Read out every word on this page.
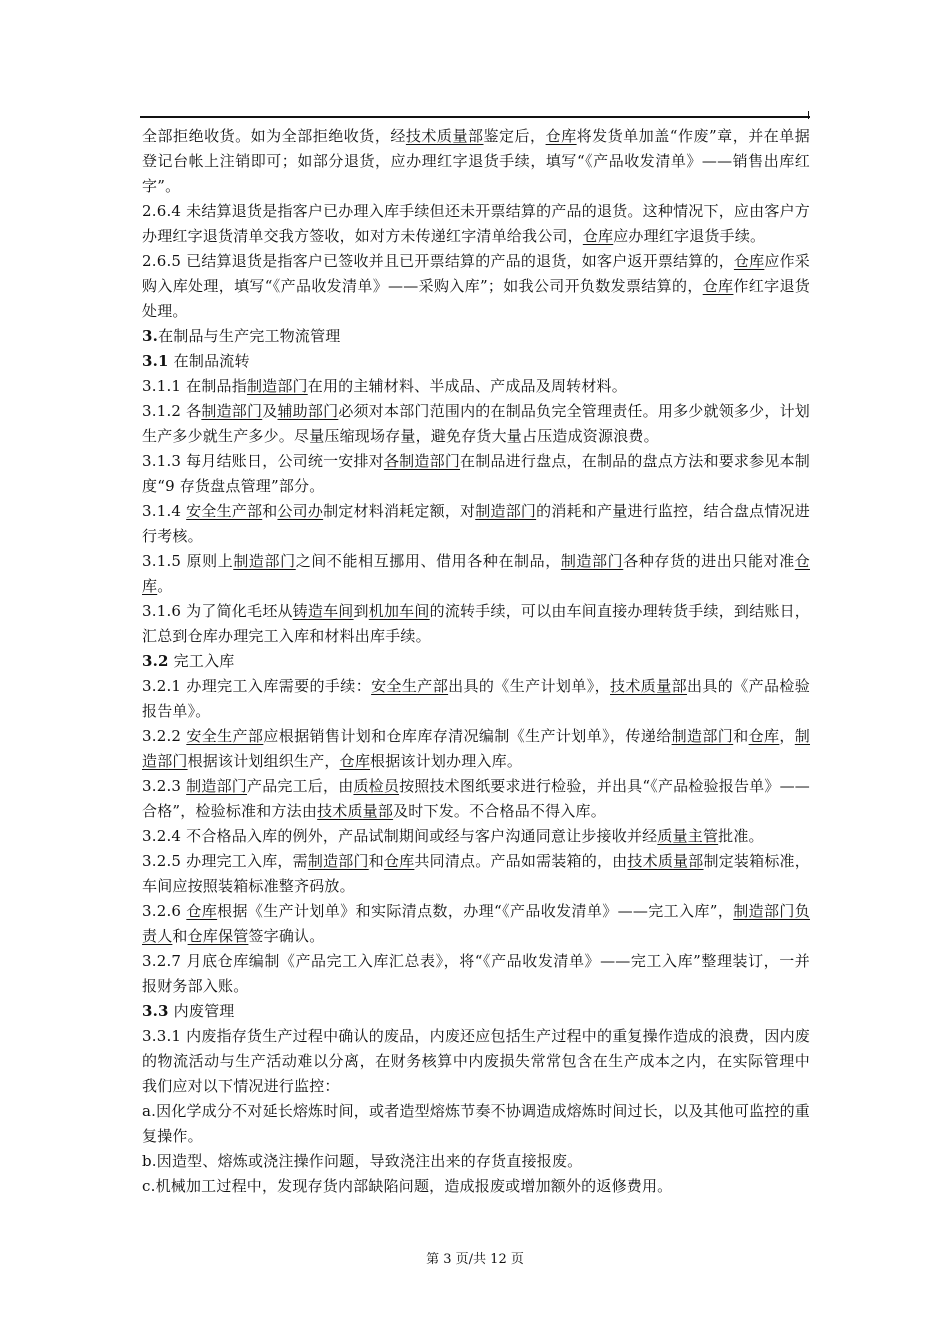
全部拒绝收货。如为全部拒绝收货，经技术质量部鉴定后，仓库将发货单加盖“作废”章，并在单据登记台帐上注销即可；如部分退货，应办理红字退货手续，填写“《产品收发清单》——销售出库红字”。

2.6.4 未结算退货是指客户已办理入库手续但还未开票结算的产品的退货。这种情况下，应由客户方办理红字退货清单交我方签收，如对方未传递红字清单给我公司，仓库应办理红字退货手续。

2.6.5 已结算退货是指客户已签收并且已开票结算的产品的退货，如客户返开票结算的，仓库应作采购入库处理，填写“《产品收发清单》——采购入库”；如我公司开负数发票结算的，仓库作红字退货处理。

3.在制品与生产完工物流管理

3.1 在制品流转

3.1.1 在制品指制造部门在用的主辅材料、半成品、产成品及周转材料。

3.1.2 各制造部门及辅助部门必须对本部门范围内的在制品负完全管理责任。用多少就领多少，计划生产多少就生产多少。尽量压缩现场存量，避免存货大量占压造成资源浪费。

3.1.3 每月结账日，公司统一安排对各制造部门在制品进行盘点，在制品的盘点方法和要求参见本制度“9 存货盘点管理”部分。

3.1.4 安全生产部和公司办制定材料消耗定额，对制造部门的消耗和产量进行监控，结合盘点情况进行考核。

3.1.5 原则上制造部门之间不能相互挪用、借用各种在制品，制造部门各种存货的进出只能对准仓库。

3.1.6 为了简化毛坯从铸造车间到机加车间的流转手续，可以由车间直接办理转货手续，到结账日，汇总到仓库办理完工入库和材料出库手续。

3.2 完工入库

3.2.1 办理完工入库需要的手续：安全生产部出具的《生产计划单》，技术质量部出具的《产品检验报告单》。

3.2.2 安全生产部应根据销售计划和仓库库存清况编制《生产计划单》，传递给制造部门和仓库，制造部门根据该计划组织生产，仓库根据该计划办理入库。

3.2.3 制造部门产品完工后，由质检员按照技术图纸要求进行检验，并出具“《产品检验报告单》——合格”，检验标准和方法由技术质量部及时下发。不合格品不得入库。

3.2.4 不合格品入库的例外，产品试制期间或经与客户沟通同意让步接收并经质量主管批准。

3.2.5 办理完工入库，需制造部门和仓库共同清点。产品如需装箱的，由技术质量部制定装箱标准，车间应按照装箱标准整齐码放。

3.2.6 仓库根据《生产计划单》和实际清点数，办理“《产品收发清单》——完工入库”，制造部门负责人和仓库保管签字确认。

3.2.7 月底仓库编制《产品完工入库汇总表》，将“《产品收发清单》——完工入库”整理装订，一并报财务部入账。

3.3 内废管理

3.3.1 内废指存货生产过程中确认的废品，内废还应包括生产过程中的重复操作造成的浪费，因内废的物流活动与生产活动难以分离，在财务核算中内废损失常常包含在生产成本之内，在实际管理中我们应对以下情况进行监控：

a.因化学成分不对延长熔炼时间，或者造型熔炼节奏不协调造成熔炼时间过长，以及其他可监控的重复操作。

b.因造型、熔炼或浇注操作问题，导致浇注出来的存货直接报废。

c.机械加工过程中，发现存货内部缺陷问题，造成报废或增加额外的返修费用。

第 3 页/共 12 页
